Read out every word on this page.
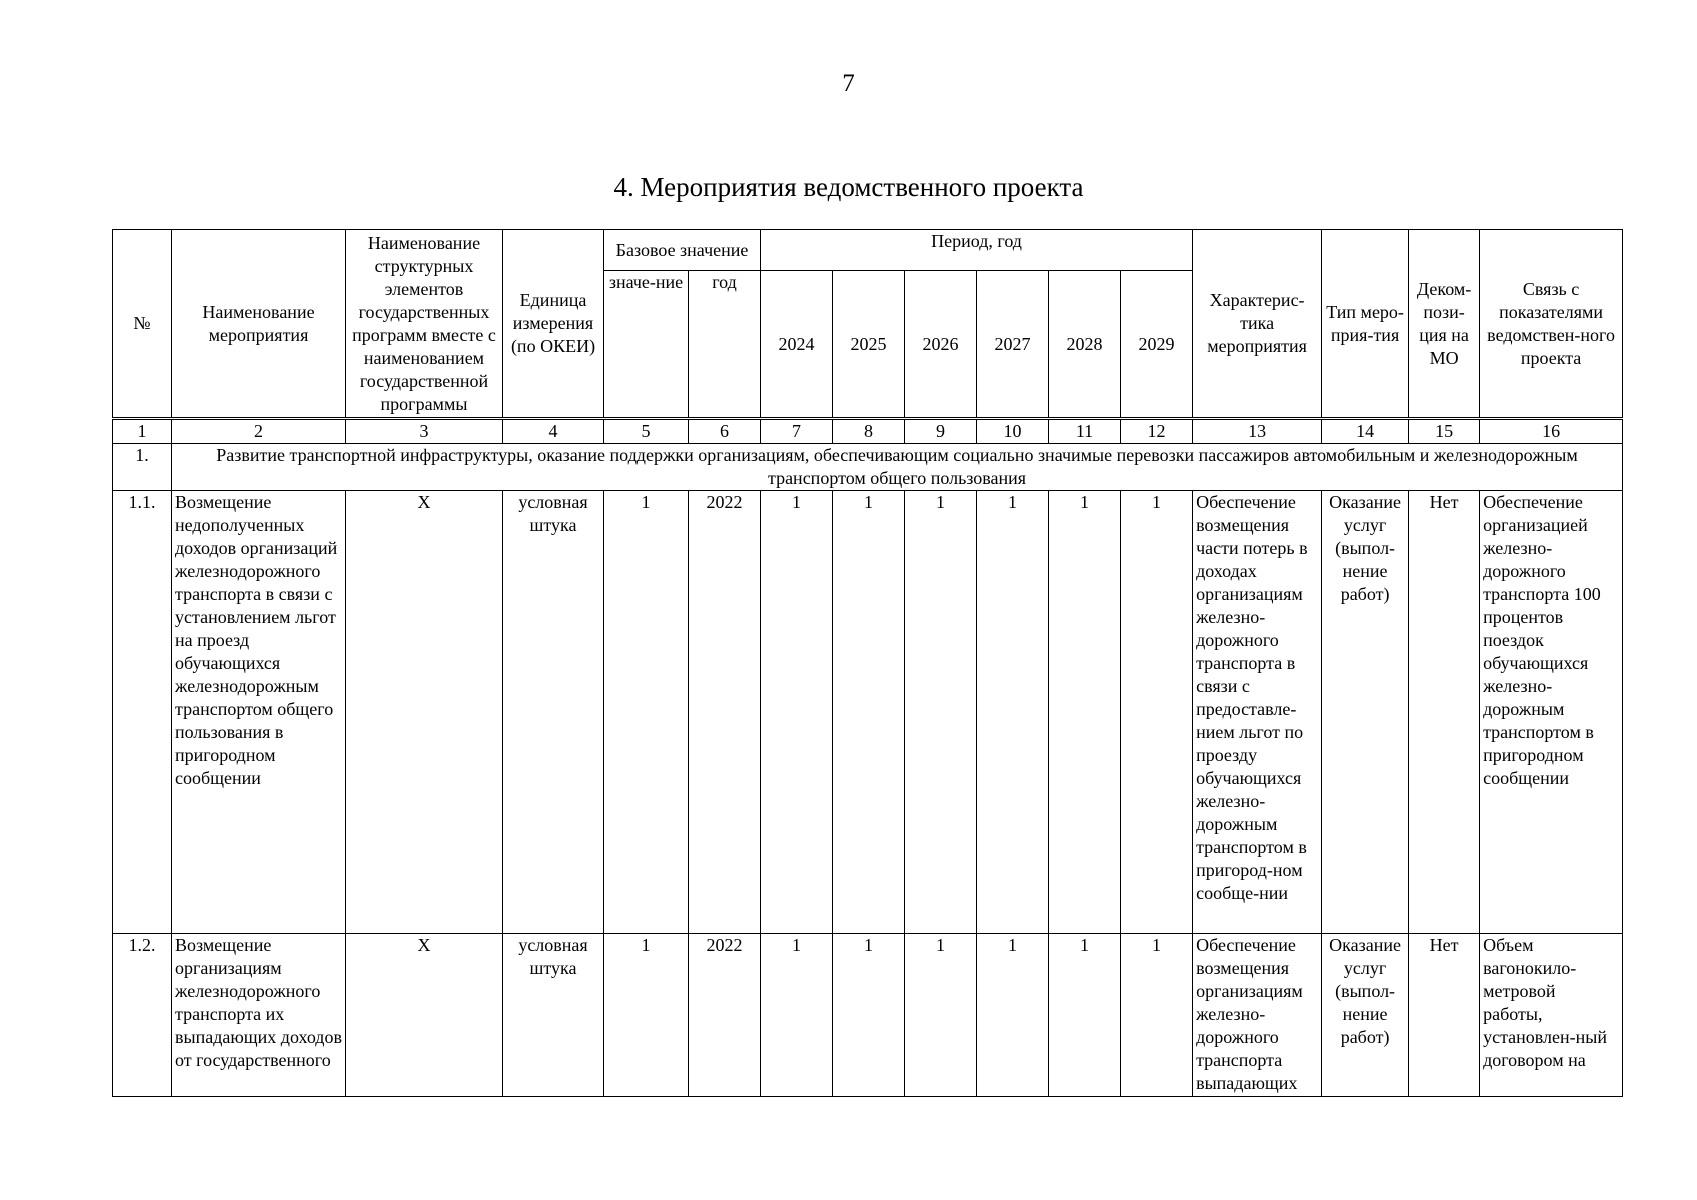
7
4. Мероприятия ведомственного проекта
№	Наименование мероприятия	Наименование структурных элементов государственных программ вместе с наименованием государственной программы	Единица измерения (по ОКЕИ)	Базовое значение		Период, год						Характерис-тика мероприятия	Тип меро-прия-тия	Деком-пози-ция на МО	Связь с показателями ведомствен-ного проекта
				значе-ние	год	2024	2025	2026	2027	2028	2029				
1	2	3	4	5	6	7	8	9	10	11	12	13	14	15	16
1.	Развитие транспортной инфраструктуры, оказание поддержки организациям, обеспечивающим социально значимые перевозки пассажиров автомобильным и железнодорожным транспортом общего пользования														
1.1.	Возмещение недополученных доходов организаций железнодорожного транспорта в связи с установлением льгот на проезд обучающихся железнодорожным транспортом общего пользования в пригородном сообщении	Х	условная штука	1	2022	1	1	1	1	1	1	Обеспечение возмещения части потерь в доходах организациям железно-дорожного транспорта в связи с предоставле-нием льгот по проезду обучающихся железно-дорожным транспортом в пригород-ном сообще-нии	Оказание услуг (выпол-нение работ)	Нет	Обеспечение организацией железно-дорожного транспорта 100 процентов поездок обучающихся железно-дорожным транспортом в пригородном сообщении
1.2.	Возмещение организациям железнодорожного транспорта их выпадающих доходов от государственного	Х	условная штука	1	2022	1	1	1	1	1	1	Обеспечение возмещения организациям железно-дорожного транспорта выпадающих	Оказание услуг (выпол-нение работ)	Нет	Объем вагонокило-метровой работы, установлен-ный договором на
